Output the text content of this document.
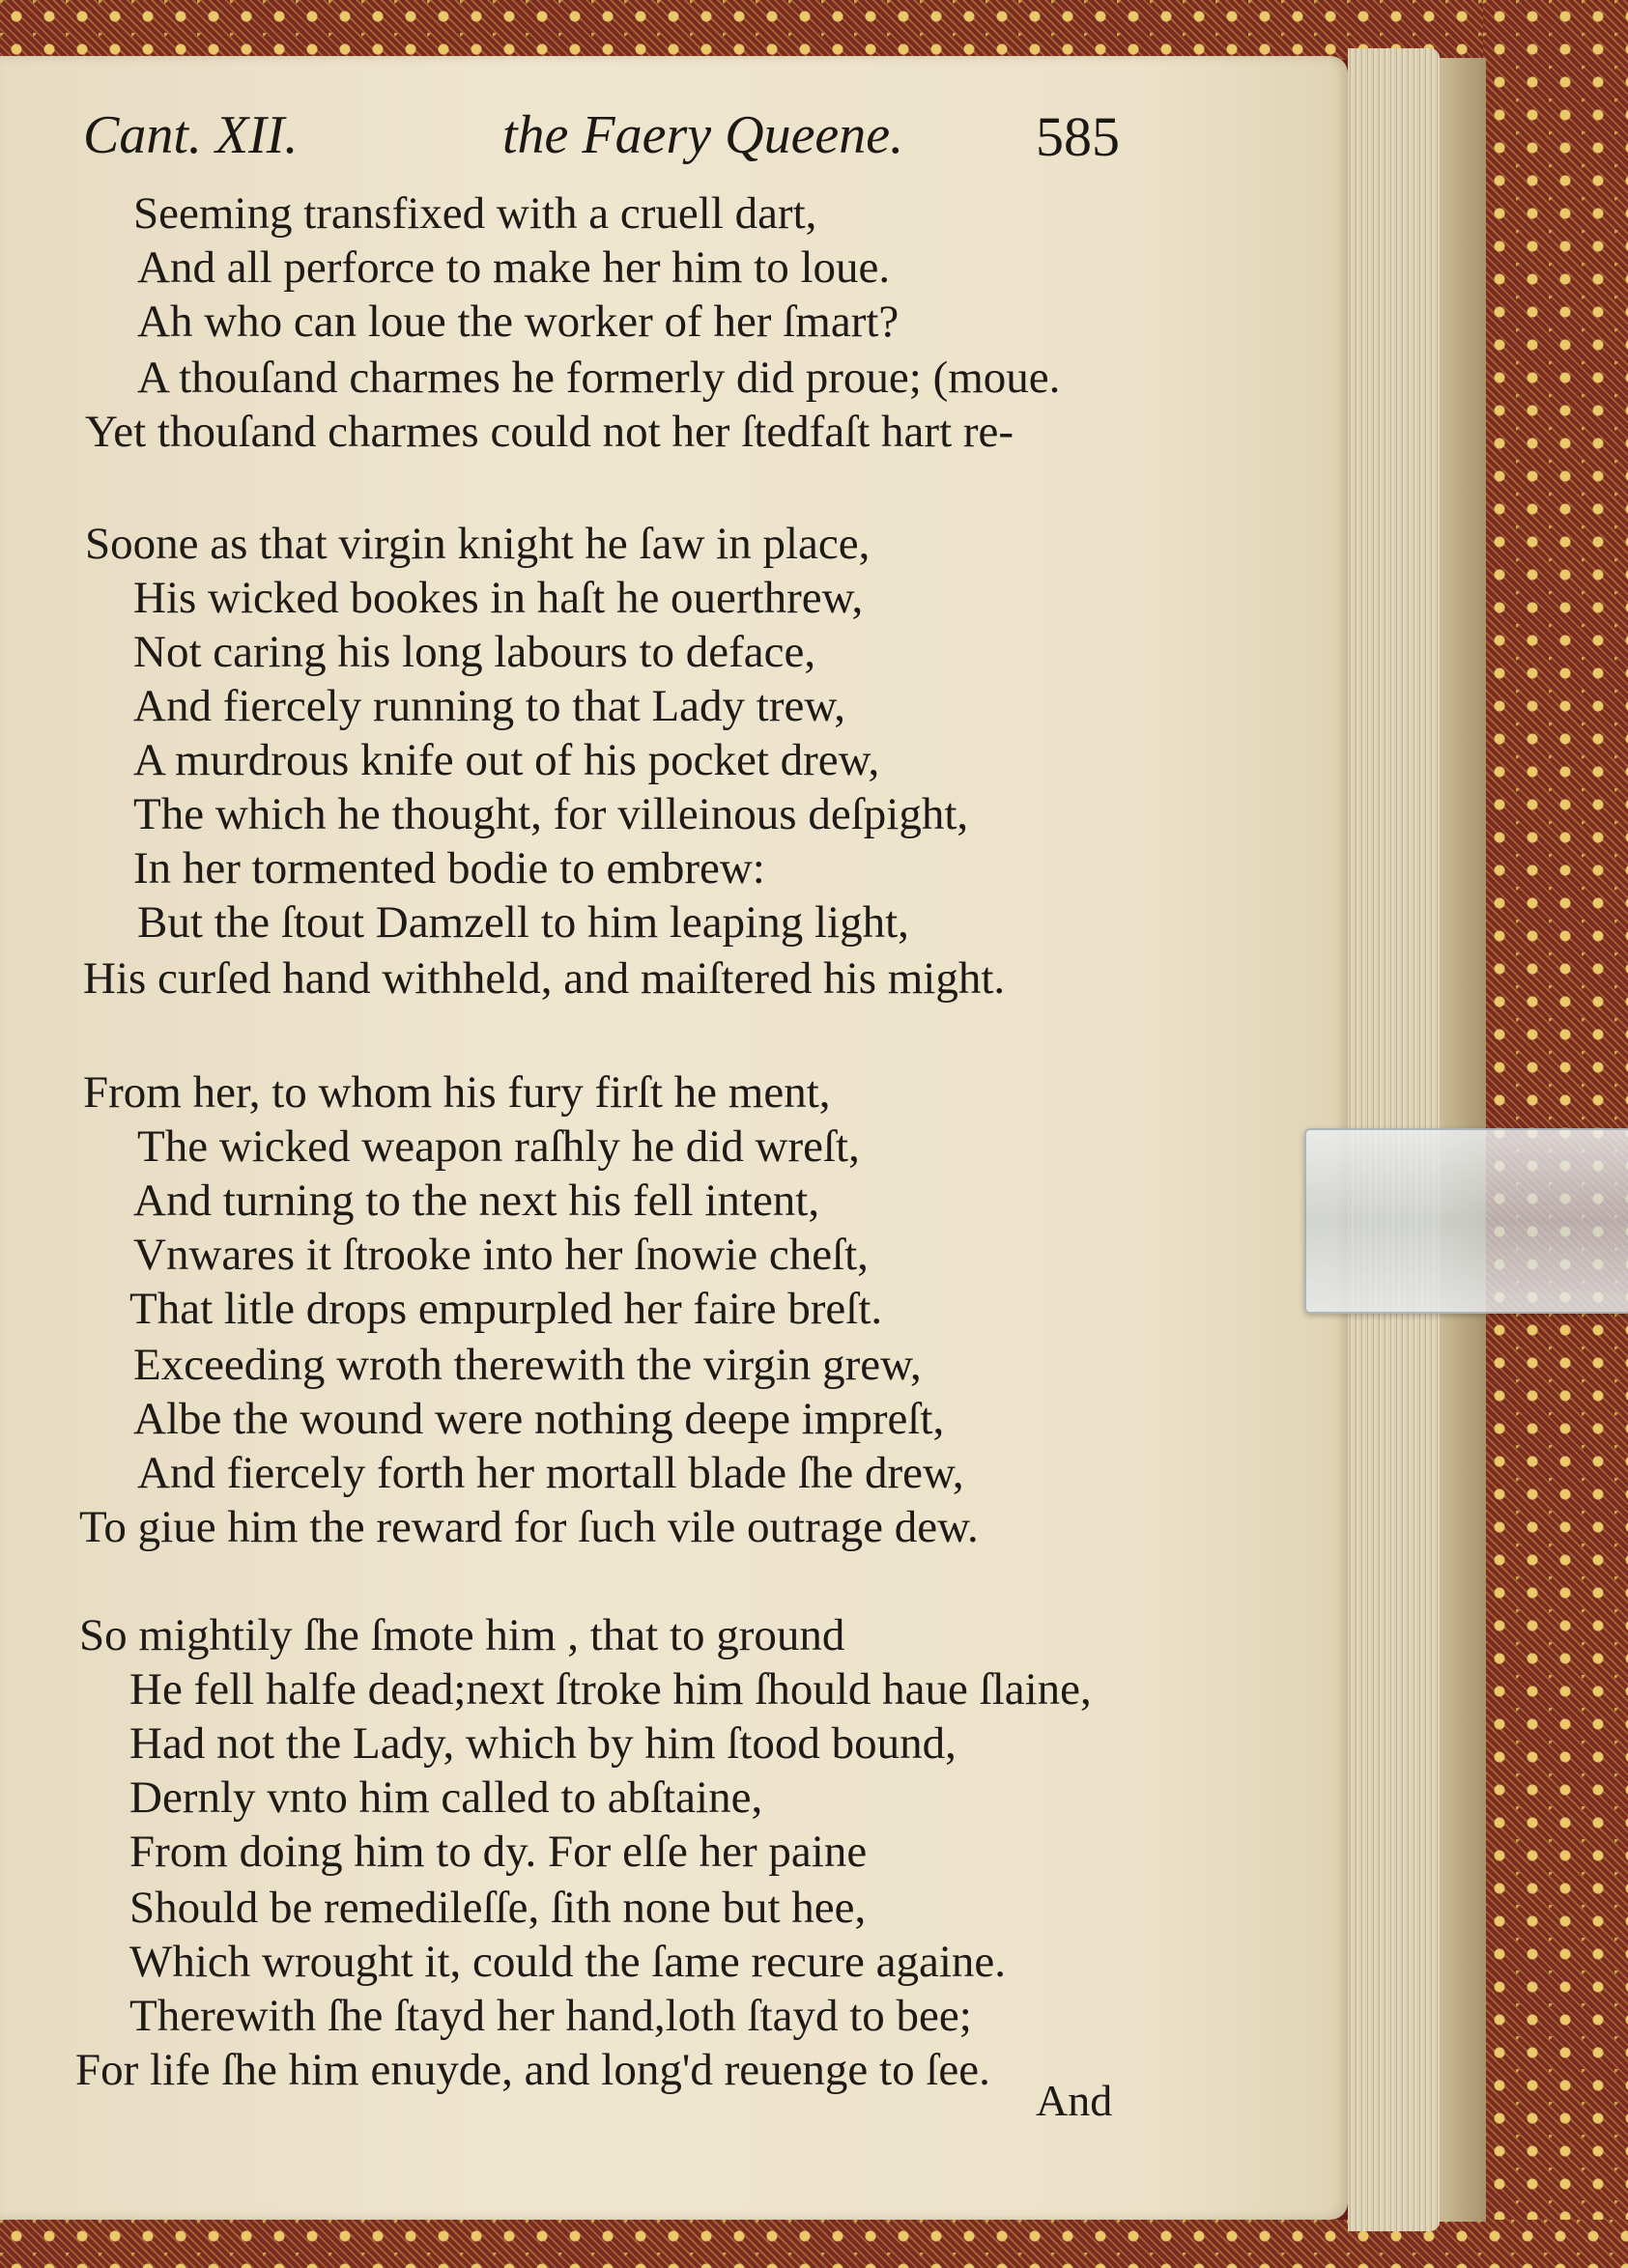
Cant. XII.	the Faery Queene. 585
Seeming transfixed with a cruell dart,
And all perforce to make her him to loue.
Ah who can loue the worker of her ſmart?
A thouſand charmes he formerly did proue; (moue.
Yet thouſand charmes could not her ſtedfaſt hart re-
Soone as that virgin knight he ſaw in place,
His wicked bookes in haſt he ouerthrew,
Not caring his long labours to deface,
And fiercely running to that Lady trew,
A murdrous knife out of his pocket drew,
The which he thought, for villeinous deſpight,
In her tormented bodie to embrew:
But the ſtout Damzell to him leaping light,
His curſed hand withheld, and maiſtered his might.
From her, to whom his fury firſt he ment,
The wicked weapon raſhly he did wreſt,
And turning to the next his fell intent,
Vnwares it ſtrooke into her ſnowie cheſt,
That litle drops empurpled her faire breſt.
Exceeding wroth therewith the virgin grew,
Albe the wound were nothing deepe impreſt,
And fiercely forth her mortall blade ſhe drew,
To giue him the reward for ſuch vile outrage dew.
So mightily ſhe ſmote him , that to ground
He fell halfe dead;next ſtroke him ſhould haue ſlaine,
Had not the Lady, which by him ſtood bound,
Dernly vnto him called to abſtaine,
From doing him to dy. For elſe her paine
Should be remedileſſe, ſith none but hee,
Which wrought it, could the ſame recure againe.
Therewith ſhe ſtayd her hand,loth ſtayd to bee;
For life ſhe him enuyde, and long'd reuenge to ſee.
And
